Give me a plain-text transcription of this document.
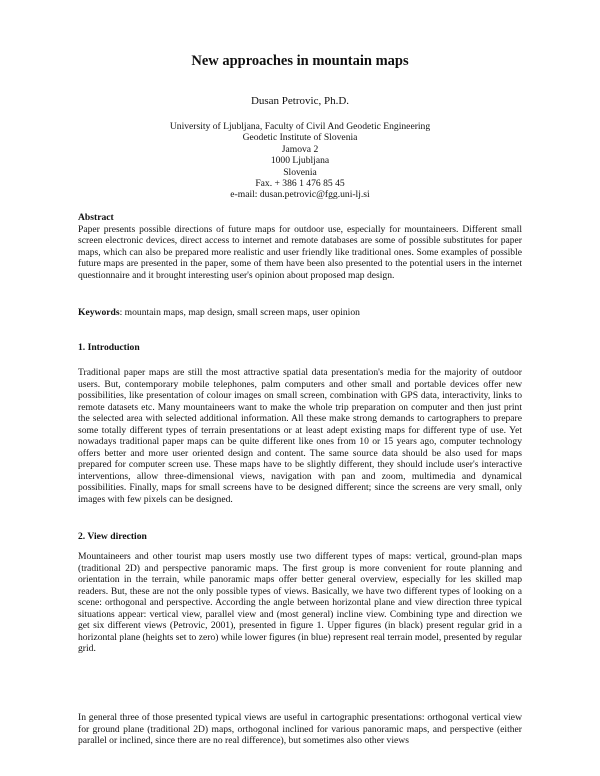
New approaches in mountain maps
Dusan Petrovic, Ph.D.
University of Ljubljana, Faculty of Civil And Geodetic Engineering
Geodetic Institute of Slovenia
Jamova 2
1000 Ljubljana
Slovenia
Fax. + 386 1 476 85 45
e-mail: dusan.petrovic@fgg.uni-lj.si
Abstract
Paper presents possible directions of future maps for outdoor use, especially for mountaineers. Different small screen electronic devices, direct access to internet and remote databases are some of possible substitutes for paper maps, which can also be prepared more realistic and user friendly like traditional ones. Some examples of possible future maps are presented in the paper, some of them have been also presented to the potential users in the internet questionnaire and it brought interesting user's opinion about proposed map design.
Keywords: mountain maps, map design, small screen maps, user opinion
1. Introduction
Traditional paper maps are still the most attractive spatial data presentation's media for the majority of outdoor users. But, contemporary mobile telephones, palm computers and other small and portable devices offer new possibilities, like presentation of colour images on small screen, combination with GPS data, interactivity, links to remote datasets etc. Many mountaineers want to make the whole trip preparation on computer and then just print the selected area with selected additional information. All these make strong demands to cartographers to prepare some totally different types of terrain presentations or at least adept existing maps for different type of use. Yet nowadays traditional paper maps can be quite different like ones from 10 or 15 years ago, computer technology offers better and more user oriented design and content. The same source data should be also used for maps prepared for computer screen use. These maps have to be slightly different, they should include user's interactive interventions, allow three-dimensional views, navigation with pan and zoom, multimedia and dynamical possibilities. Finally, maps for small screens have to be designed different; since the screens are very small, only images with few pixels can be designed.
2. View direction
Mountaineers and other tourist map users mostly use two different types of maps: vertical, ground-plan maps (traditional 2D) and perspective panoramic maps. The first group is more convenient for route planning and orientation in the terrain, while panoramic maps offer better general overview, especially for les skilled map readers. But, these are not the only possible types of views. Basically, we have two different types of looking on a scene: orthogonal and perspective. According the angle between horizontal plane and view direction three typical situations appear: vertical view, parallel view and (most general) incline view. Combining type and direction we get six different views (Petrovic, 2001), presented in figure 1. Upper figures (in black) present regular grid in a horizontal plane (heights set to zero) while lower figures (in blue) represent real terrain model, presented by regular grid.
In general three of those presented typical views are useful in cartographic presentations: orthogonal vertical view for ground plane (traditional 2D) maps, orthogonal inclined for various panoramic maps, and perspective (either parallel or inclined, since there are no real difference), but sometimes also other views
